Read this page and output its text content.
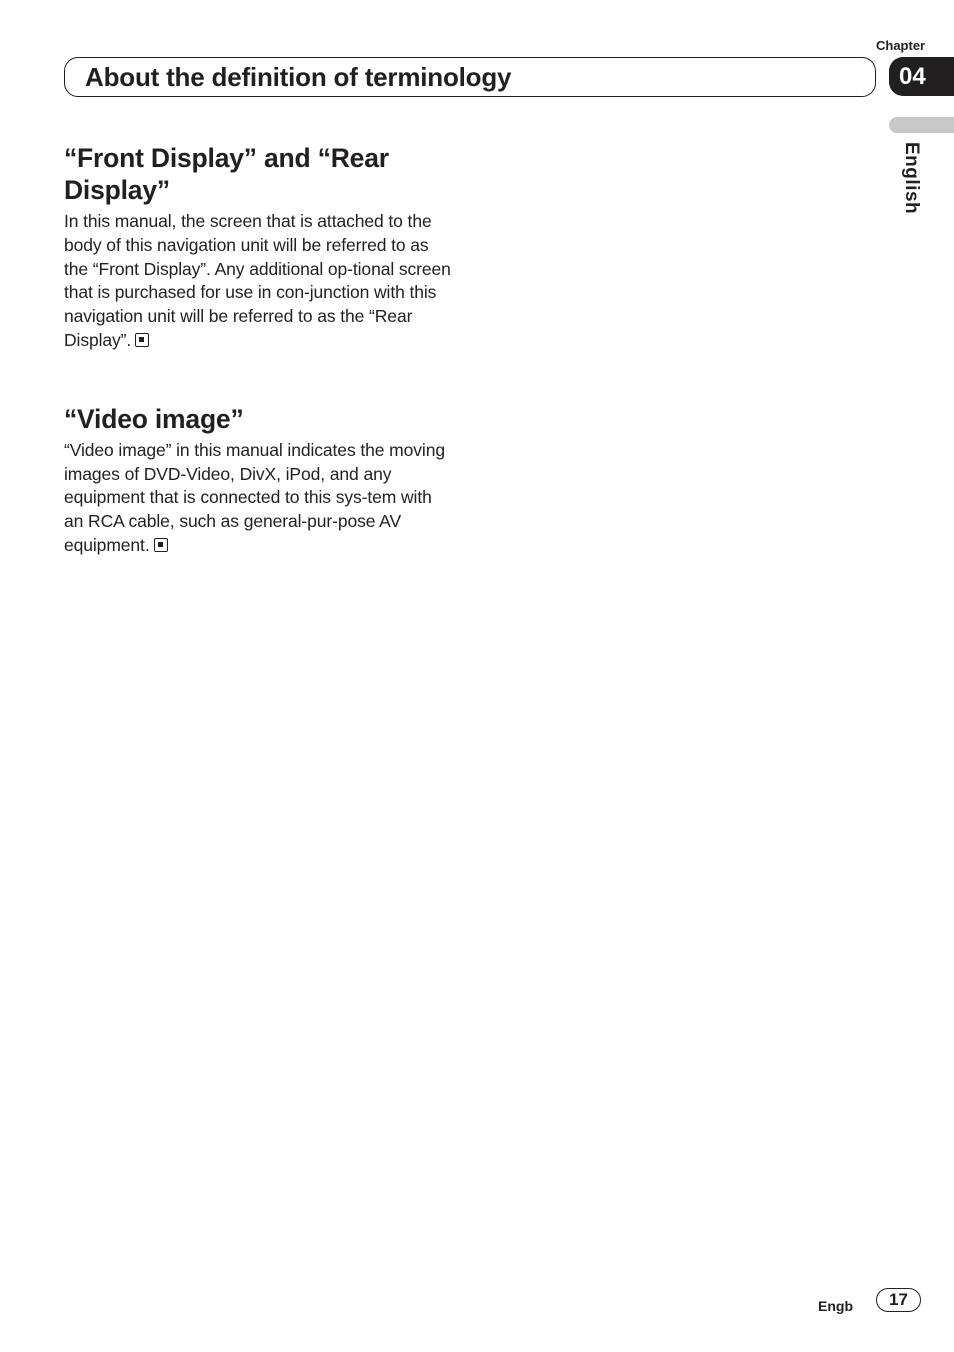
Chapter
04
About the definition of terminology
English
“Front Display” and “Rear
Display”

In this manual, the screen that is attached to the body of this navigation unit will be referred to as the “Front Display”. Any additional op-tional screen that is purchased for use in con-junction with this navigation unit will be referred to as the “Rear Display”.

“Video image”

“Video image” in this manual indicates the moving images of DVD-Video, DivX, iPod, and any equipment that is connected to this sys-tem with an RCA cable, such as general-pur-pose AV equipment.

Engb	17
